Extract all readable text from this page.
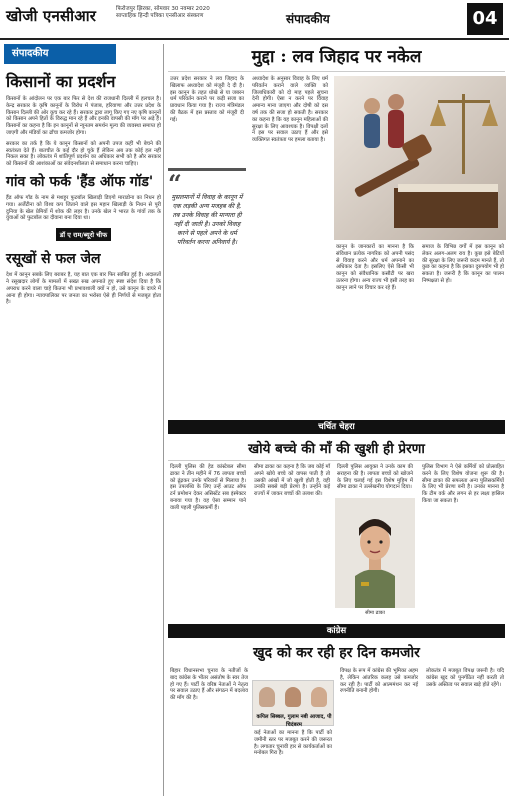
खोजी एनसीआर	फिरोजपुर झिरका, सोमवार 30 नवम्बर 2020
साप्ताहिक हिन्दी पत्रिका एनसीआर संस्करण	संपादकीय	04
संपादकीय
किसानों का प्रदर्शन
किसानों के आंदोलन पर एक बार फिर से देश की राजधानी दिल्ली में हलचल है। केन्द्र सरकार के कृषि कानूनों के विरोध में पंजाब, हरियाणा और उत्तर प्रदेश के किसान दिल्ली की ओर कूच कर रहे हैं। सरकार द्वारा लागू किए गए नए कृषि कानूनों को किसान अपने हितों के विरुद्ध मान रहे हैं और इनकी वापसी की माँग पर अड़े हैं। किसानों का कहना है कि इन कानूनों से न्यूनतम समर्थन मूल्य की व्यवस्था समाप्त हो जाएगी और मंडियों का ढाँचा कमजोर होगा।
सरकार का तर्क है कि ये कानून किसानों को अपनी उपज कहीं भी बेचने की स्वतंत्रता देते हैं। बातचीत के कई दौर हो चुके हैं लेकिन अब तक कोई हल नहीं निकल सका है। लोकतंत्र में शांतिपूर्ण प्रदर्शन का अधिकार सभी को है और सरकार को किसानों की आशंकाओं का संवेदनशीलता से समाधान करना चाहिए।
गांव को फर्क 'हैंड ऑफ गॉड'
हैंड ऑफ गॉड के नाम से मशहूर फुटबॉल खिलाड़ी डिएगो माराडोना का निधन हो गया। अर्जेंटीना को विश्व कप जिताने वाले इस महान खिलाड़ी के निधन से पूरी दुनिया के खेल प्रेमियों में शोक की लहर है। उनके खेल ने भारत के गांवों तक के युवाओं को फुटबॉल का दीवाना बना दिया था।
डॉ ए राम/ब्यूरो चीफ
रसूखों से फल जेल
देश में कानून सबके लिए बराबर है, यह बात एक बार फिर साबित हुई है। अदालतों ने रसूखदार लोगों के मामलों में सख्त रुख अपनाते हुए स्पष्ट संदेश दिया है कि अपराध करने वाला चाहे कितना भी प्रभावशाली क्यों न हो, उसे कानून के दायरे में आना ही होगा। न्यायपालिका पर जनता का भरोसा ऐसे ही निर्णयों से मजबूत होता है।
मुद्दा : लव जिहाद पर नकेल
उत्तर प्रदेश सरकार ने लव जिहाद के खिलाफ अध्यादेश को मंजूरी दे दी है। इस कानून के तहत धोखे से या जबरन धर्म परिवर्तन कराने पर कड़ी सजा का प्रावधान किया गया है। राज्य मंत्रिमंडल की बैठक में इस प्रस्ताव को मंजूरी दी गई।
“
मुसलमानों में विवाह के कानून में एक लड़की अन्य मजहब की है, तब उनके विवाह की मान्यता ही नहीं दी जाती है। उनको विवाह करने से पहले अपने के धर्म परिवर्तन करना अनिवार्य है।
अध्यादेश के अनुसार विवाह के लिए धर्म परिवर्तन कराने वाले व्यक्ति को जिलाधिकारी को दो माह पहले सूचना देनी होगी। ऐसा न करने पर विवाह अमान्य माना जाएगा और दोषी को दस वर्ष तक की सजा हो सकती है। सरकार का कहना है कि यह कानून महिलाओं की सुरक्षा के लिए आवश्यक है। विपक्षी दलों ने इस पर सवाल उठाए हैं और इसे व्यक्तिगत स्वतंत्रता पर हमला बताया है।
कानून के जानकारों का मानना है कि संविधान प्रत्येक नागरिक को अपनी पसंद से विवाह करने और धर्म अपनाने का अधिकार देता है। इसलिए ऐसे किसी भी कानून को संवैधानिक कसौटी पर खरा उतरना होगा। अन्य राज्य भी इसी तरह का कानून लाने पर विचार कर रहे हैं।
समाज के विभिन्न वर्गों में इस कानून को लेकर अलग-अलग राय है। कुछ इसे बेटियों की सुरक्षा के लिए जरूरी कदम मानते हैं, तो कुछ का कहना है कि इसका दुरुपयोग भी हो सकता है। जरूरी है कि कानून का पालन निष्पक्षता से हो।
चर्चित चेहरा
खोये बच्चे की माँ की खुशी ही प्रेरणा
दिल्ली पुलिस की हेड कांस्टेबल सीमा ढाका ने तीन महीने में 76 लापता बच्चों को ढूंढ़कर उनके परिवारों से मिलाया है। इस उपलब्धि के लिए उन्हें आउट ऑफ टर्न प्रमोशन देकर असिस्टेंट सब इंस्पेक्टर बनाया गया है। वह ऐसा सम्मान पाने वाली पहली पुलिसकर्मी हैं।
सीमा ढाका का कहना है कि जब कोई माँ अपने खोये बच्चे को वापस पाती है तो उसकी आंखों में जो खुशी होती है, वही उनकी सबसे बड़ी प्रेरणा है। उन्होंने कई राज्यों में जाकर बच्चों की तलाश की।
दिल्ली पुलिस आयुक्त ने उनके काम की सराहना की है। लापता बच्चों को खोजने के लिए चलाई गई इस विशेष मुहिम में सीमा ढाका ने उल्लेखनीय योगदान दिया।
सीमा ढाका
पुलिस विभाग ने ऐसे कर्मियों को प्रोत्साहित करने के लिए विशेष योजना शुरू की है। सीमा ढाका की सफलता अन्य पुलिसकर्मियों के लिए भी प्रेरणा बनी है। उनका मानना है कि टीम वर्क और लगन से हर लक्ष्य हासिल किया जा सकता है।
कांग्रेस
खुद को कर रही हर दिन कमजोर
बिहार विधानसभा चुनाव के नतीजों के बाद कांग्रेस के भीतर असंतोष के स्वर तेज हो गए हैं। पार्टी के वरिष्ठ नेताओं ने नेतृत्व पर सवाल उठाए हैं और संगठन में बदलाव की माँग की है।
कपिल सिब्बल, गुलाम नबी आजाद, पी चिदंबरम
कई नेताओं का मानना है कि पार्टी को जमीनी स्तर पर मजबूत करने की जरूरत है। लगातार चुनावी हार से कार्यकर्ताओं का मनोबल गिरा है।
विपक्ष के रूप में कांग्रेस की भूमिका अहम है, लेकिन आंतरिक कलह उसे कमजोर कर रही है। पार्टी को आत्ममंथन कर नई रणनीति बनानी होगी।
लोकतंत्र में मजबूत विपक्ष जरूरी है। यदि कांग्रेस खुद को पुनर्गठित नहीं करती तो उसके अस्तित्व पर सवाल खड़े होते रहेंगे।
